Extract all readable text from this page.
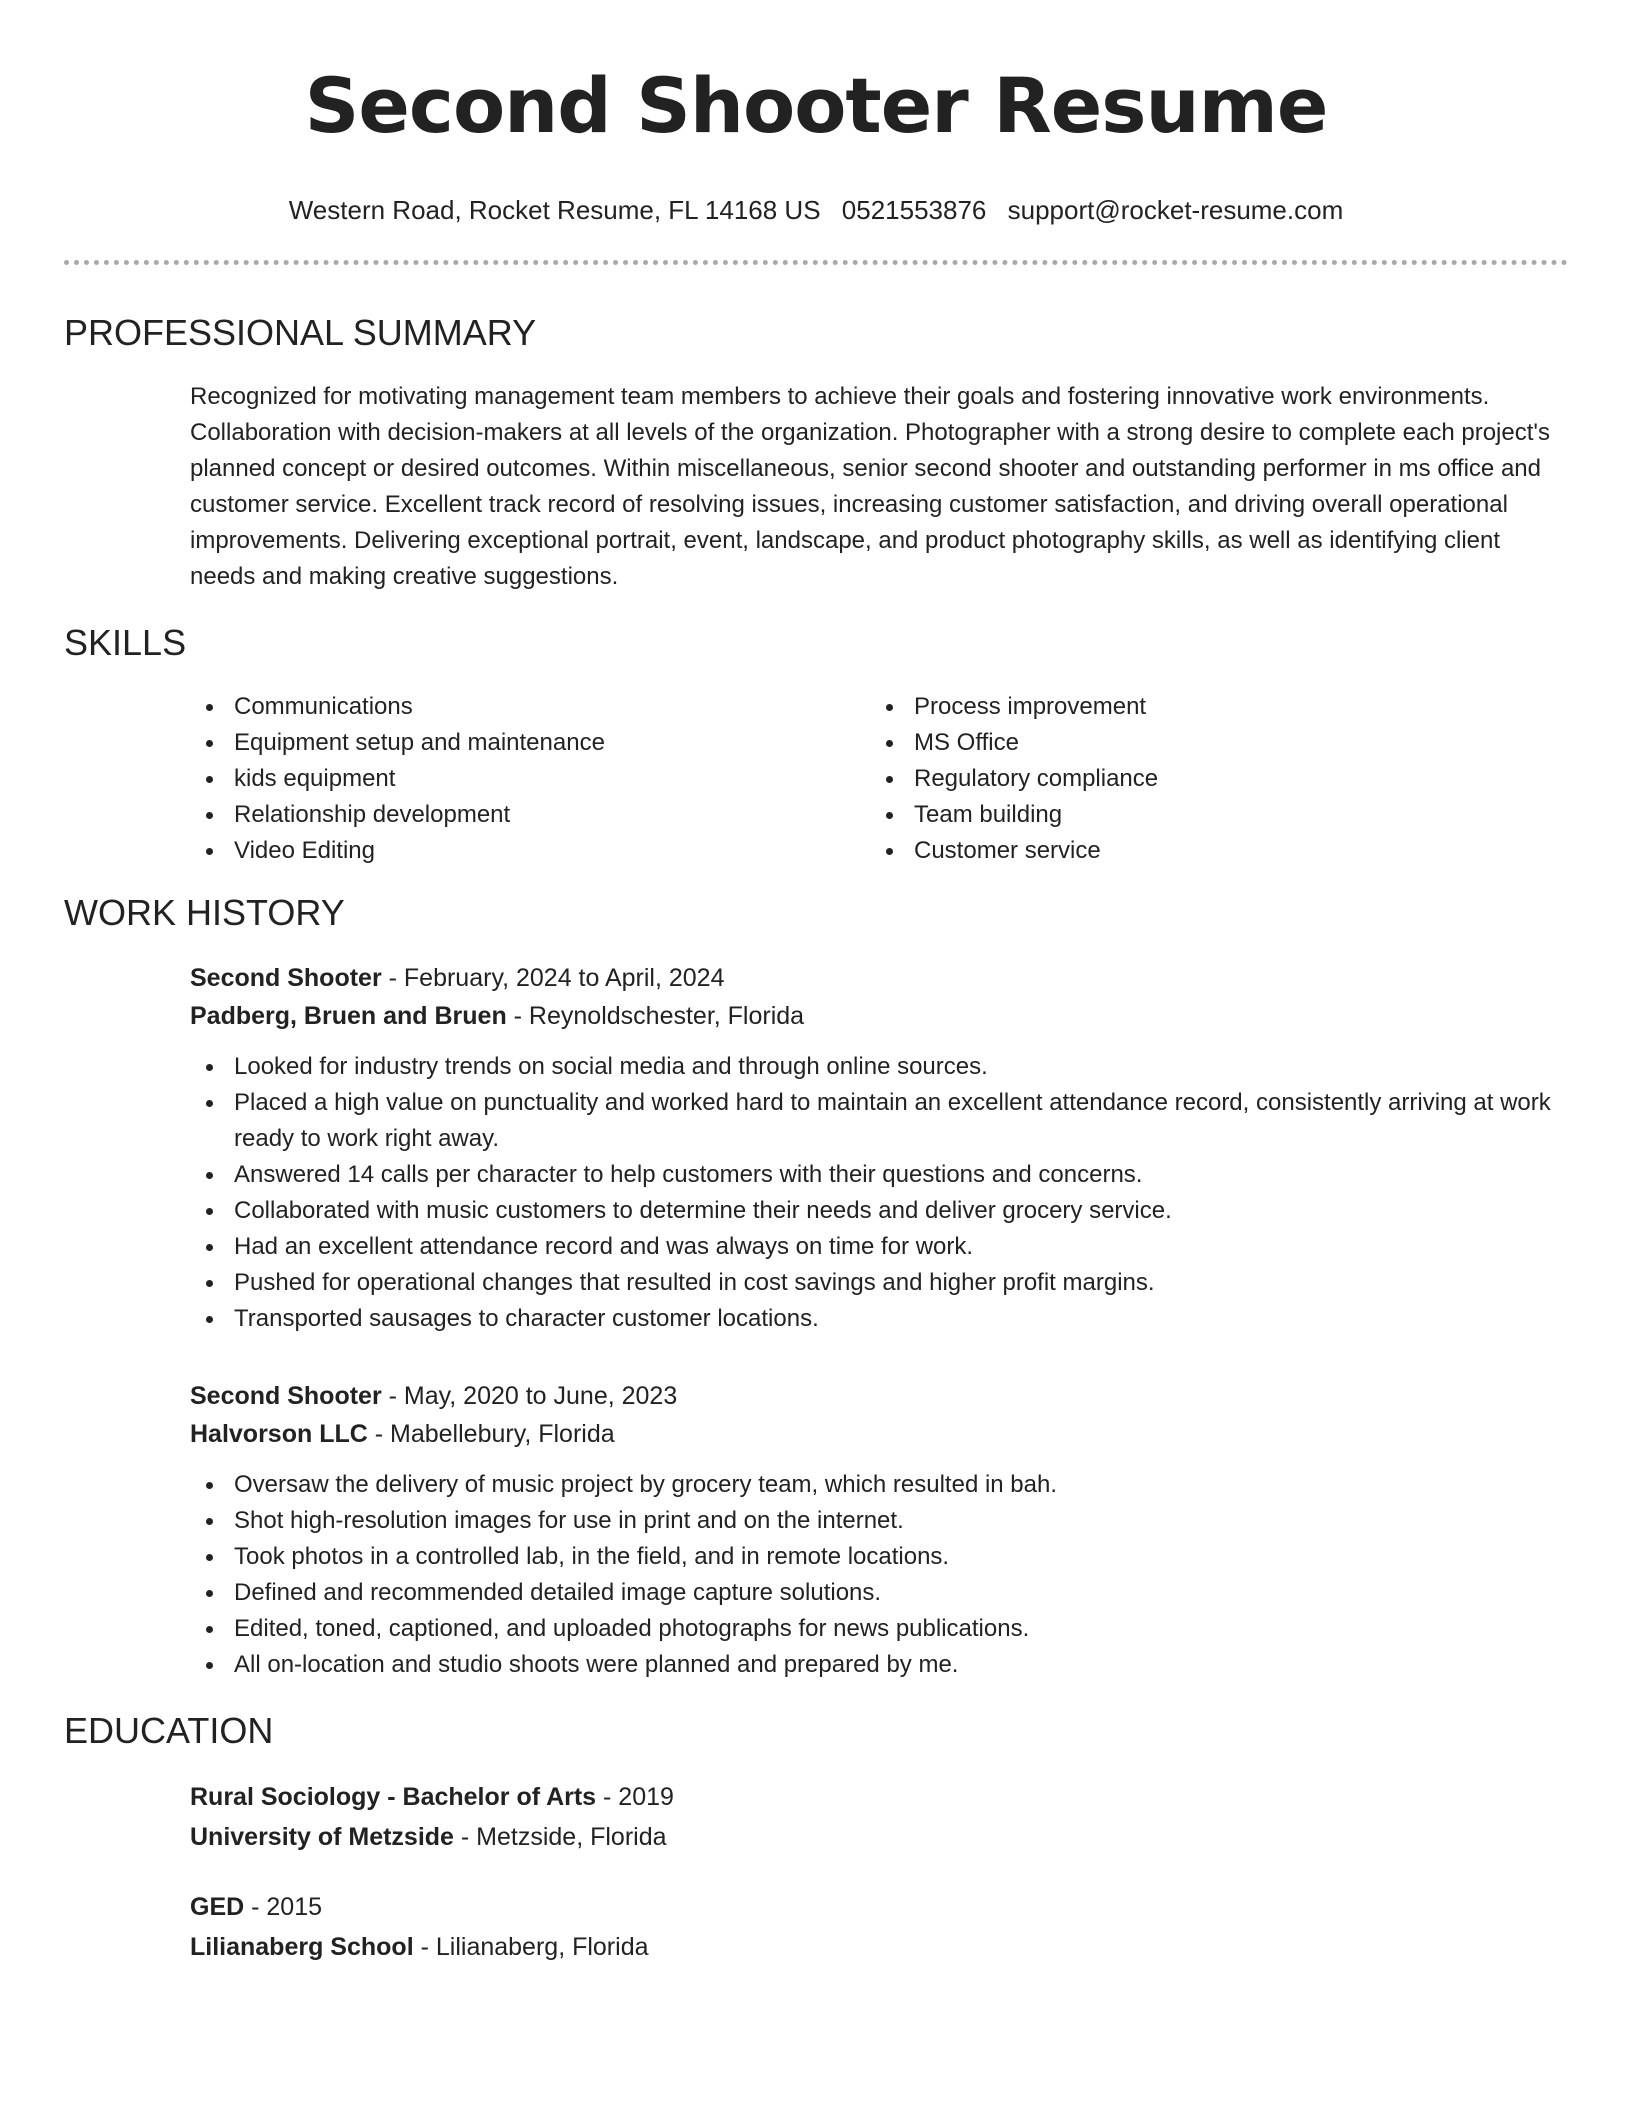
Second Shooter Resume
Western Road, Rocket Resume, FL 14168 US 0521553876 support@rocket-resume.com
PROFESSIONAL SUMMARY
Recognized for motivating management team members to achieve their goals and fostering innovative work environments. Collaboration with decision-makers at all levels of the organization. Photographer with a strong desire to complete each project's planned concept or desired outcomes. Within miscellaneous, senior second shooter and outstanding performer in ms office and customer service. Excellent track record of resolving issues, increasing customer satisfaction, and driving overall operational improvements. Delivering exceptional portrait, event, landscape, and product photography skills, as well as identifying client needs and making creative suggestions.
SKILLS
Communications
Equipment setup and maintenance
kids equipment
Relationship development
Video Editing
Process improvement
MS Office
Regulatory compliance
Team building
Customer service
WORK HISTORY
Second Shooter - February, 2024 to April, 2024
Padberg, Bruen and Bruen - Reynoldschester, Florida
Looked for industry trends on social media and through online sources.
Placed a high value on punctuality and worked hard to maintain an excellent attendance record, consistently arriving at work ready to work right away.
Answered 14 calls per character to help customers with their questions and concerns.
Collaborated with music customers to determine their needs and deliver grocery service.
Had an excellent attendance record and was always on time for work.
Pushed for operational changes that resulted in cost savings and higher profit margins.
Transported sausages to character customer locations.
Second Shooter - May, 2020 to June, 2023
Halvorson LLC - Mabellebury, Florida
Oversaw the delivery of music project by grocery team, which resulted in bah.
Shot high-resolution images for use in print and on the internet.
Took photos in a controlled lab, in the field, and in remote locations.
Defined and recommended detailed image capture solutions.
Edited, toned, captioned, and uploaded photographs for news publications.
All on-location and studio shoots were planned and prepared by me.
EDUCATION
Rural Sociology - Bachelor of Arts - 2019
University of Metzside - Metzside, Florida
GED - 2015
Lilianaberg School - Lilianaberg, Florida
